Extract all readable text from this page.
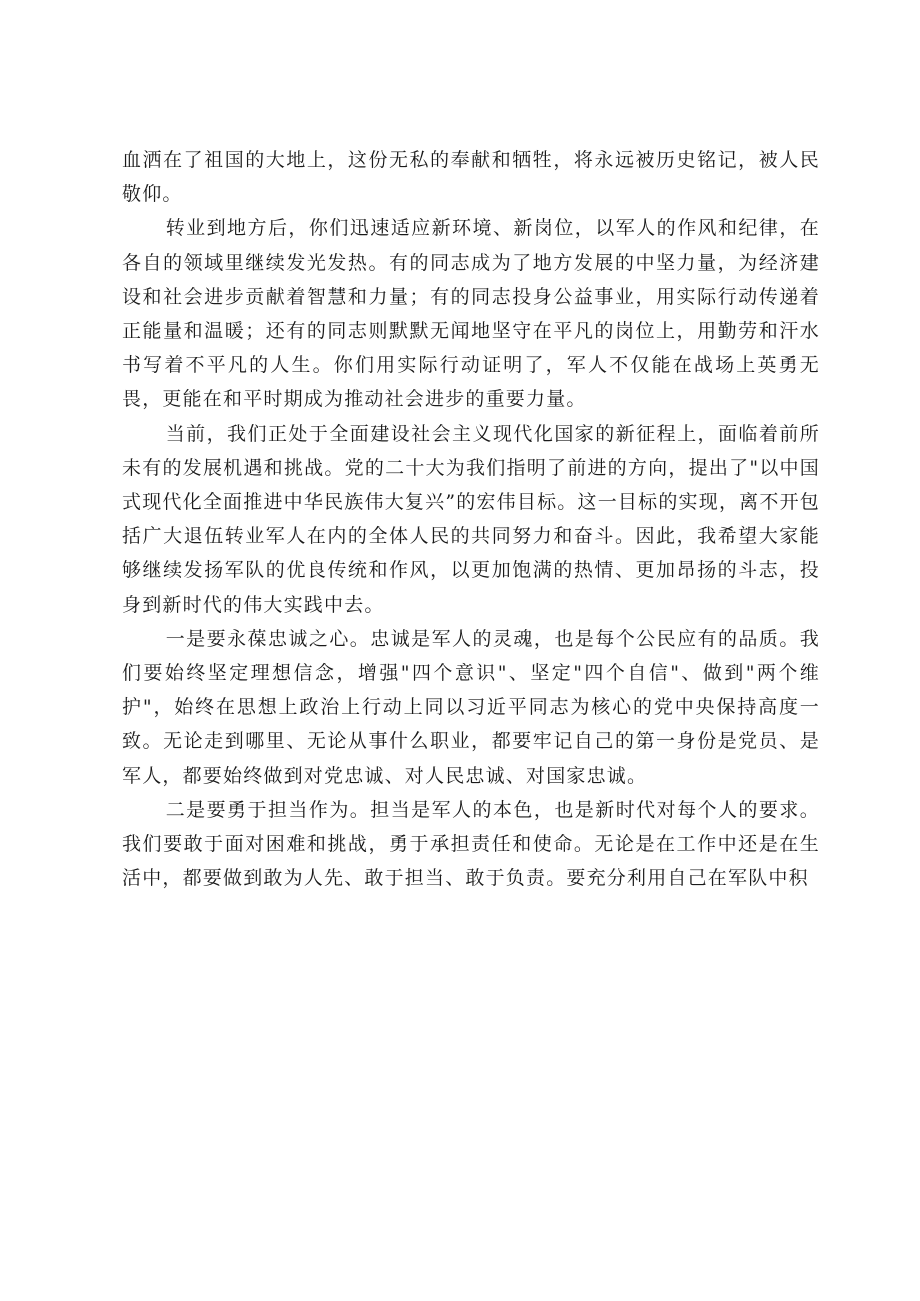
血洒在了祖国的大地上，这份无私的奉献和牺牲，将永远被历史铭记，被人民敬仰。

转业到地方后，你们迅速适应新环境、新岗位，以军人的作风和纪律，在各自的领域里继续发光发热。有的同志成为了地方发展的中坚力量，为经济建设和社会进步贡献着智慧和力量；有的同志投身公益事业，用实际行动传递着正能量和温暖；还有的同志则默默无闻地坚守在平凡的岗位上，用勤劳和汗水书写着不平凡的人生。你们用实际行动证明了，军人不仅能在战场上英勇无畏，更能在和平时期成为推动社会进步的重要力量。

当前，我们正处于全面建设社会主义现代化国家的新征程上，面临着前所未有的发展机遇和挑战。党的二十大为我们指明了前进的方向，提出了"以中国式现代化全面推进中华民族伟大复兴”的宏伟目标。这一目标的实现，离不开包括广大退伍转业军人在内的全体人民的共同努力和奋斗。因此，我希望大家能够继续发扬军队的优良传统和作风，以更加饱满的热情、更加昂扬的斗志，投身到新时代的伟大实践中去。

一是要永葆忠诚之心。忠诚是军人的灵魂，也是每个公民应有的品质。我们要始终坚定理想信念，增强"四个意识"、坚定"四个自信"、做到"两个维护"，始终在思想上政治上行动上同以习近平同志为核心的党中央保持高度一致。无论走到哪里、无论从事什么职业，都要牢记自己的第一身份是党员、是军人，都要始终做到对党忠诚、对人民忠诚、对国家忠诚。

二是要勇于担当作为。担当是军人的本色，也是新时代对每个人的要求。我们要敢于面对困难和挑战，勇于承担责任和使命。无论是在工作中还是在生活中，都要做到敢为人先、敢于担当、敢于负责。要充分利用自己在军队中积
